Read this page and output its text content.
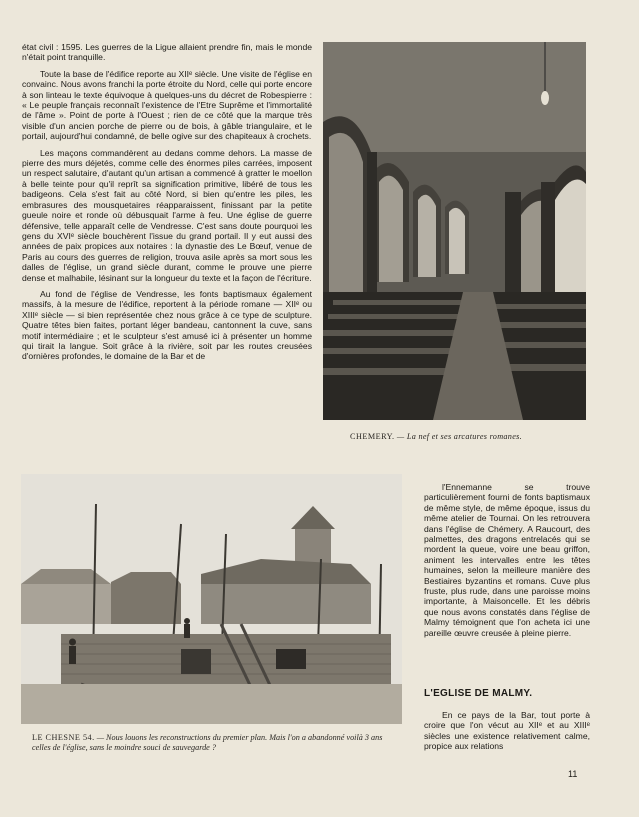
état civil : 1595. Les guerres de la Ligue allaient prendre fin, mais le monde n'était point tranquille.

Toute la base de l'édifice reporte au XIIᵉ siècle. Une visite de l'église en convainc. Nous avons franchi la porte étroite du Nord, celle qui porte encore à son linteau le texte équivoque à quelques-uns du décret de Robespierre : « Le peuple français reconnaît l'existence de l'Etre Suprême et l'immortalité de l'âme ». Point de porte à l'Ouest ; rien de ce côté que la marque très visible d'un ancien porche de pierre ou de bois, à gâble triangulaire, et le portail, aujourd'hui condamné, de belle ogive sur des chapiteaux à crochets.

Les maçons commandèrent au dedans comme dehors. La masse de pierre des murs déjetés, comme celle des énormes piles carrées, imposent un respect salutaire, d'autant qu'un artisan a commencé à gratter le moellon à belle teinte pour qu'il reprît sa signification primitive, libéré de tous les badigeons. Cela s'est fait au côté Nord, si bien qu'entre les piles, les embrasures des mousquetaires réapparaissent, finissant par la petite gueule noire et ronde où débusquait l'arme à feu. Une église de guerre défensive, telle apparaît celle de Vendresse. C'est sans doute pourquoi les gens du XVIᵉ siècle bouchèrent l'issue du grand portail. Il y eut aussi des années de paix propices aux notaires : la dynastie des Le Bœuf, venue de Paris au cours des guerres de religion, trouva asile après sa mort sous les dalles de l'église, un grand siècle durant, comme le prouve une pierre dense et malhabile, lésinant sur la longueur du texte et la façon de l'écriture.

Au fond de l'église de Vendresse, les fonts baptismaux également massifs, à la mesure de l'édifice, reportent à la période romane — XIIᵉ ou XIIIᵉ siècle — si bien représentée chez nous grâce à ce type de sculpture. Quatre têtes bien faites, portant léger bandeau, cantonnent la cuve, sans motif intermédiaire ; et le sculpteur s'est amusé ici à présenter un homme qui tirait la langue. Soit grâce à la rivière, soit par les routes creusées d'ornières profondes, le domaine de la Bar et de

CHEMERY. — La nef et ses arcatures romanes.
LE CHESNE 54. — Nous louons les reconstructions du premier plan. Mais l'on a abandonné voilà 3 ans celles de l'église, sans le moindre souci de sauvegarde ?

l'Ennemanne se trouve particulièrement fourni de fonts baptismaux de même style, de même époque, issus du même atelier de Tournai. On les retrouvera dans l'église de Chémery. A Raucourt, des palmettes, des dragons entrelacés qui se mordent la queue, voire une beau griffon, animent les intervalles entre les têtes humaines, selon la meilleure manière des Bestiaires byzantins et romans. Cuve plus fruste, plus rude, dans une paroisse moins importante, à Maisoncelle. Et les débris que nous avons constatés dans l'église de Malmy témoignent que l'on acheta ici une pareille œuvre creusée à pleine pierre.

L'EGLISE DE MALMY.

En ce pays de la Bar, tout porte à croire que l'on vécut au XIIᵉ et au XIIIᵉ siècles une existence relativement calme, propice aux relations

11
